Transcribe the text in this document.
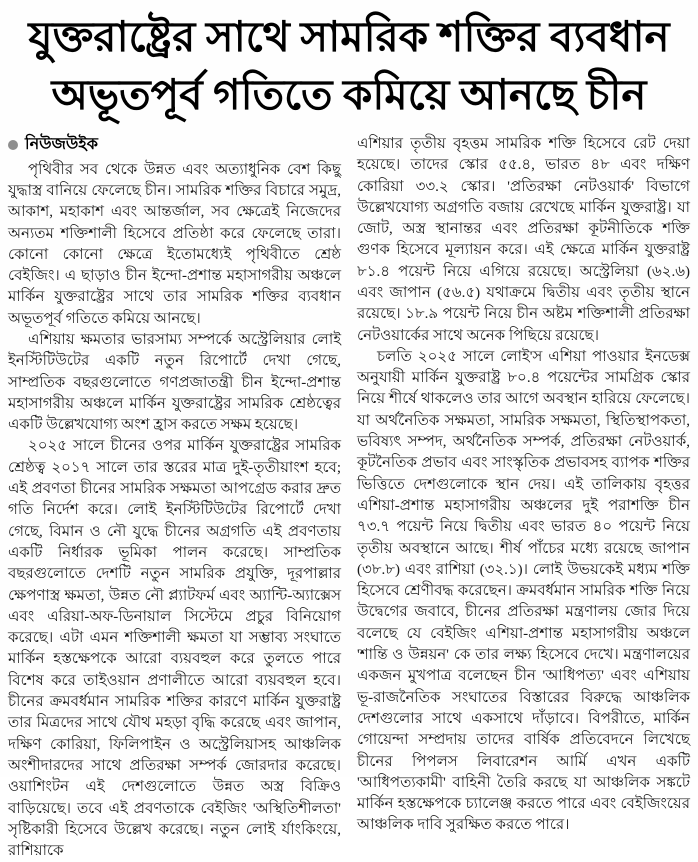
যুক্তরাষ্ট্রের সাথে সামরিক শক্তির ব্যবধান
অভূতপূর্ব গতিতে কমিয়ে আনছে চীন
নিউজউইক

পৃথিবীর সব থেকে উন্নত এবং অত্যাধুনিক বেশ কিছু যুদ্ধাস্ত্র বানিয়ে ফেলেছে চীন। সামরিক শক্তির বিচারে সমুদ্র, আকাশ, মহাকাশ এবং আন্তর্জাল, সব ক্ষেত্রেই নিজেদের অন্যতম শক্তিশালী হিসেবে প্রতিষ্ঠা করে ফেলেছে তারা। কোনো কোনো ক্ষেত্রে ইতোমধ্যেই পৃথিবীতে শ্রেষ্ঠ বেইজিং। এ ছাড়াও চীন ইন্দো-প্রশান্ত মহাসাগরীয় অঞ্চলে মার্কিন যুক্তরাষ্ট্রের সাথে তার সামরিক শক্তির ব্যবধান অভূতপূর্ব গতিতে কমিয়ে আনছে।

এশিয়ায় ক্ষমতার ভারসাম্য সম্পর্কে অস্ট্রেলিয়ার লোই ইনস্টিটিউটের একটি নতুন রিপোর্টে দেখা গেছে, সাম্প্রতিক বছরগুলোতে গণপ্রজাতন্ত্রী চীন ইন্দো-প্রশান্ত মহাসাগরীয় অঞ্চলে মার্কিন যুক্তরাষ্ট্রের সামরিক শ্রেষ্ঠত্বের একটি উল্লেখযোগ্য অংশ হ্রাস করতে সক্ষম হয়েছে।

২০২৫ সালে চীনের ওপর মার্কিন যুক্তরাষ্ট্রের সামরিক শ্রেষ্ঠত্ব ২০১৭ সালে তার স্তরের মাত্র দুই-তৃতীয়াংশ হবে; এই প্রবণতা চীনের সামরিক সক্ষমতা আপগ্রেড করার দ্রুত গতি নির্দেশ করে। লোই ইনস্টিটিউটের রিপোর্টে দেখা গেছে, বিমান ও নৌ যুদ্ধে চীনের অগ্রগতি এই প্রবণতায় একটি নির্ধারক ভূমিকা পালন করেছে। সাম্প্রতিক বছরগুলোতে দেশটি নতুন সামরিক প্রযুক্তি, দূরপাল্লার ক্ষেপণাস্ত্র ক্ষমতা, উন্নত নৌ প্ল্যাটফর্ম এবং অ্যান্টি-অ্যাক্সেস এবং এরিয়া-অফ-ডিনায়াল সিস্টেমে প্রচুর বিনিয়োগ করেছে। এটা এমন শক্তিশালী ক্ষমতা যা সম্ভাব্য সংঘাতে মার্কিন হস্তক্ষেপকে আরো ব্যয়বহুল করে তুলতে পারে বিশেষ করে তাইওয়ান প্রণালীতে আরো ব্যয়বহুল হবে। চীনের ক্রমবর্ধমান সামরিক শক্তির কারণে মার্কিন যুক্তরাষ্ট্র তার মিত্রদের সাথে যৌথ মহড়া বৃদ্ধি করেছে এবং জাপান, দক্ষিণ কোরিয়া, ফিলিপাইন ও অস্ট্রেলিয়াসহ আঞ্চলিক অংশীদারদের সাথে প্রতিরক্ষা সম্পর্ক জোরদার করেছে। ওয়াশিংটন এই দেশগুলোতে উন্নত অস্ত্র বিক্রিও বাড়িয়েছে। তবে এই প্রবণতাকে বেইজিং 'অস্থিতিশীলতা' সৃষ্টিকারী হিসেবে উল্লেখ করেছে। নতুন লোই র্যাংকিংয়ে, রাশিয়াকে

এশিয়ার তৃতীয় বৃহত্তম সামরিক শক্তি হিসেবে রেট দেয়া হয়েছে। তাদের স্কোর ৫৫.৪, ভারত ৪৮ এবং দক্ষিণ কোরিয়া ৩৩.২ স্কোর। 'প্রতিরক্ষা নেটওয়ার্ক' বিভাগে উল্লেখযোগ্য অগ্রগতি বজায় রেখেছে মার্কিন যুক্তরাষ্ট্র। যা জোট, অস্ত্র স্থানান্তর এবং প্রতিরক্ষা কূটনীতিকে শক্তি গুণক হিসেবে মূল্যায়ন করে। এই ক্ষেত্রে মার্কিন যুক্তরাষ্ট্র ৮১.৪ পয়েন্ট নিয়ে এগিয়ে রয়েছে। অস্ট্রেলিয়া (৬২.৬) এবং জাপান (৫৬.৫) যথাক্রমে দ্বিতীয় এবং তৃতীয় স্থানে রয়েছে। ১৮.৯ পয়েন্ট নিয়ে চীন অষ্টম শক্তিশালী প্রতিরক্ষা নেটওয়ার্কের সাথে অনেক পিছিয়ে রয়েছে।

চলতি ২০২৫ সালে লোই'স এশিয়া পাওয়ার ইনডেক্স অনুযায়ী মার্কিন যুক্তরাষ্ট্র ৮০.৪ পয়েন্টের সামগ্রিক স্কোর নিয়ে শীর্ষে থাকলেও তার আগে অবস্থান হারিয়ে ফেলেছে। যা অর্থনৈতিক সক্ষমতা, সামরিক সক্ষমতা, স্থিতিস্থাপকতা, ভবিষ্যৎ সম্পদ, অর্থনৈতিক সম্পর্ক, প্রতিরক্ষা নেটওয়ার্ক, কূটনৈতিক প্রভাব এবং সাংস্কৃতিক প্রভাবসহ ব্যাপক শক্তির ভিত্তিতে দেশগুলোকে স্থান দেয়। এই তালিকায় বৃহত্তর এশিয়া-প্রশান্ত মহাসাগরীয় অঞ্চলের দুই পরাশক্তি চীন ৭৩.৭ পয়েন্ট নিয়ে দ্বিতীয় এবং ভারত ৪০ পয়েন্ট নিয়ে তৃতীয় অবস্থানে আছে। শীর্ষ পাঁচের মধ্যে রয়েছে জাপান (৩৮.৮) এবং রাশিয়া (৩২.১)। লোই উভয়কেই মধ্যম শক্তি হিসেবে শ্রেণীবদ্ধ করেছেন। ক্রমবর্ধমান সামরিক শক্তি নিয়ে উদ্বেগের জবাবে, চীনের প্রতিরক্ষা মন্ত্রণালয় জোর দিয়ে বলেছে যে বেইজিং এশিয়া-প্রশান্ত মহাসাগরীয় অঞ্চলে 'শান্তি ও উন্নয়ন' কে তার লক্ষ্য হিসেবে দেখে। মন্ত্রণালয়ের একজন মুখপাত্র বলেছেন চীন 'আধিপত্য' এবং এশিয়ায় ভূ-রাজনৈতিক সংঘাতের বিস্তারের বিরুদ্ধে আঞ্চলিক দেশগুলোর সাথে একসাথে দাঁড়াবে। বিপরীতে, মার্কিন গোয়েন্দা সম্প্রদায় তাদের বার্ষিক প্রতিবেদনে লিখেছে চীনের পিপলস লিবারেশন আর্মি এখন একটি 'আধিপত্যকামী' বাহিনী তৈরি করছে যা আঞ্চলিক সঙ্কটে মার্কিন হস্তক্ষেপকে চ্যালেঞ্জ করতে পারে এবং বেইজিংয়ের আঞ্চলিক দাবি সুরক্ষিত করতে পারে।
